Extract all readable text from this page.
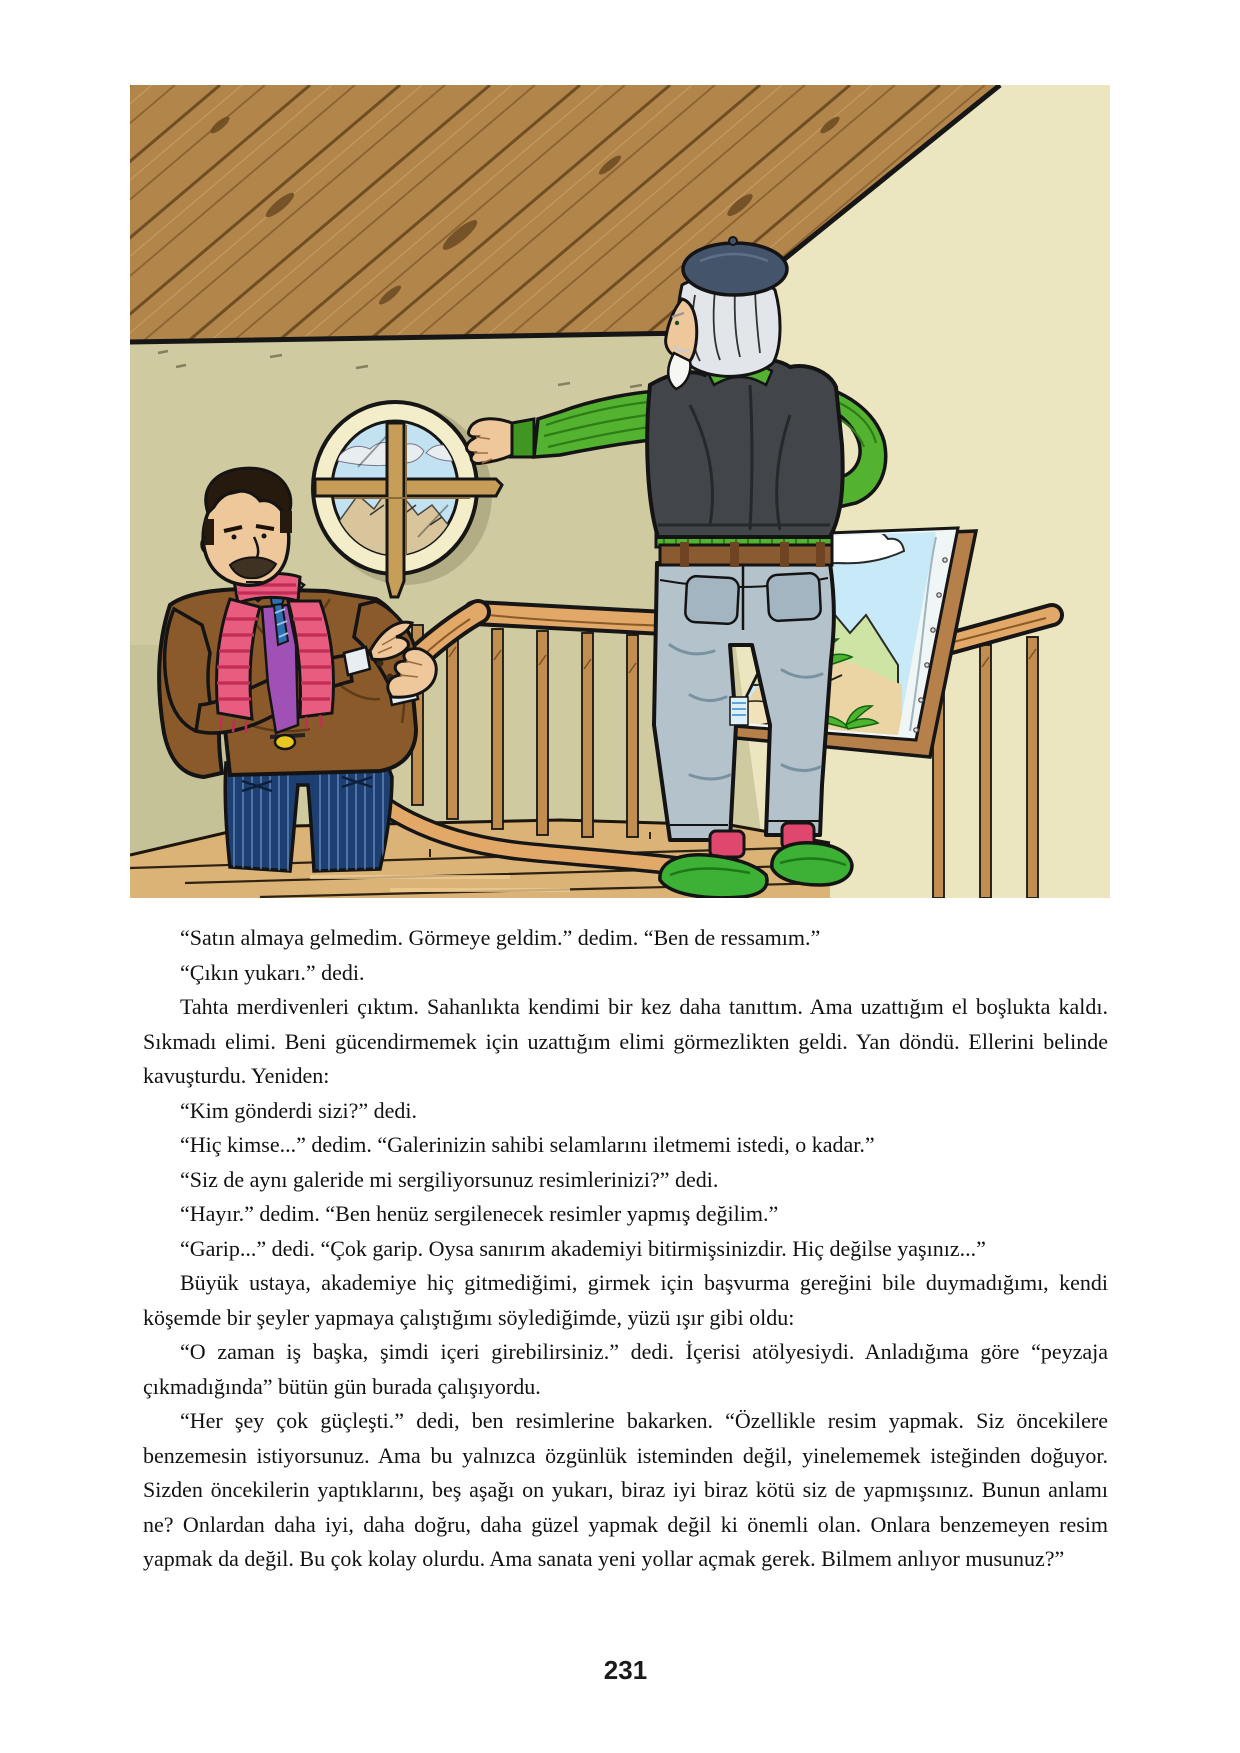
“Satın almaya gelmedim. Görmeye geldim.” dedim. “Ben de ressamım.”

“Çıkın yukarı.” dedi.

Tahta merdivenleri çıktım. Sahanlıkta kendimi bir kez daha tanıttım. Ama uzattığım el boşlukta kaldı. Sıkmadı elimi. Beni gücendirmemek için uzattığım elimi görmezlikten geldi. Yan döndü. Ellerini belinde kavuşturdu. Yeniden:

“Kim gönderdi sizi?” dedi.

“Hiç kimse...” dedim. “Galerinizin sahibi selamlarını iletmemi istedi, o kadar.”

“Siz de aynı galeride mi sergiliyorsunuz resimlerinizi?” dedi.

“Hayır.” dedim. “Ben henüz sergilenecek resimler yapmış değilim.”

“Garip...” dedi. “Çok garip. Oysa sanırım akademiyi bitirmişsinizdir. Hiç değilse yaşınız...”

Büyük ustaya, akademiye hiç gitmediğimi, girmek için başvurma gereğini bile duymadığımı, kendi köşemde bir şeyler yapmaya çalıştığımı söylediğimde, yüzü ışır gibi oldu:

“O zaman iş başka, şimdi içeri girebilirsiniz.” dedi. İçerisi atölyesiydi. Anladığıma göre “peyzaja çıkmadığında” bütün gün burada çalışıyordu.

“Her şey çok güçleşti.” dedi, ben resimlerine bakarken. “Özellikle resim yapmak. Siz öncekilere benzemesin istiyorsunuz. Ama bu yalnızca özgünlük isteminden değil, yinelememek isteğinden doğuyor. Sizden öncekilerin yaptıklarını, beş aşağı on yukarı, biraz iyi biraz kötü siz de yapmışsınız. Bunun anlamı ne? Onlardan daha iyi, daha doğru, daha güzel yapmak değil ki önemli olan. Onlara benzemeyen resim yapmak da değil. Bu çok kolay olurdu. Ama sanata yeni yollar açmak gerek. Bilmem anlıyor musunuz?”

231
